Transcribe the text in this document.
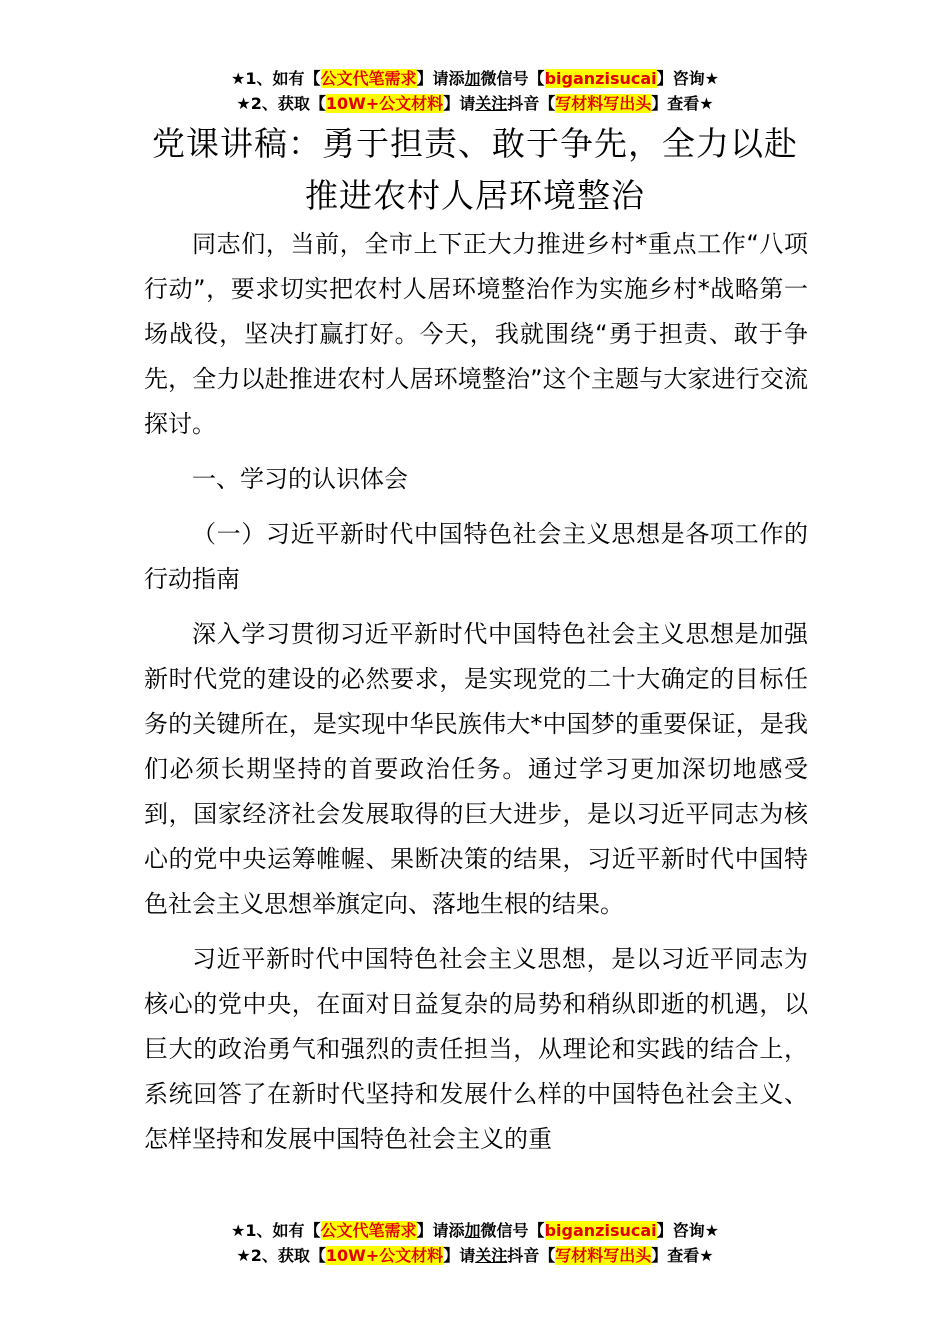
★1、如有【公文代笔需求】请添加微信号【biganzisucai】咨询★
★2、获取【10W+公文材料】请关注抖音【写材料写出头】查看★
党课讲稿：勇于担责、敢于争先，全力以赴
推进农村人居环境整治

同志们，当前，全市上下正大力推进乡村*重点工作“八项行动”，要求切实把农村人居环境整治作为实施乡村*战略第一场战役，坚决打赢打好。今天，我就围绕“勇于担责、敢于争先，全力以赴推进农村人居环境整治”这个主题与大家进行交流探讨。

一、学习的认识体会

（一）习近平新时代中国特色社会主义思想是各项工作的行动指南

深入学习贯彻习近平新时代中国特色社会主义思想是加强新时代党的建设的必然要求，是实现党的二十大确定的目标任务的关键所在，是实现中华民族伟大*中国梦的重要保证，是我们必须长期坚持的首要政治任务。通过学习更加深切地感受到，国家经济社会发展取得的巨大进步，是以习近平同志为核心的党中央运筹帷幄、果断决策的结果，习近平新时代中国特色社会主义思想举旗定向、落地生根的结果。

习近平新时代中国特色社会主义思想，是以习近平同志为核心的党中央，在面对日益复杂的局势和稍纵即逝的机遇，以巨大的政治勇气和强烈的责任担当，从理论和实践的结合上，系统回答了在新时代坚持和发展什么样的中国特色社会主义、怎样坚持和发展中国特色社会主义的重

★1、如有【公文代笔需求】请添加微信号【biganzisucai】咨询★
★2、获取【10W+公文材料】请关注抖音【写材料写出头】查看★
